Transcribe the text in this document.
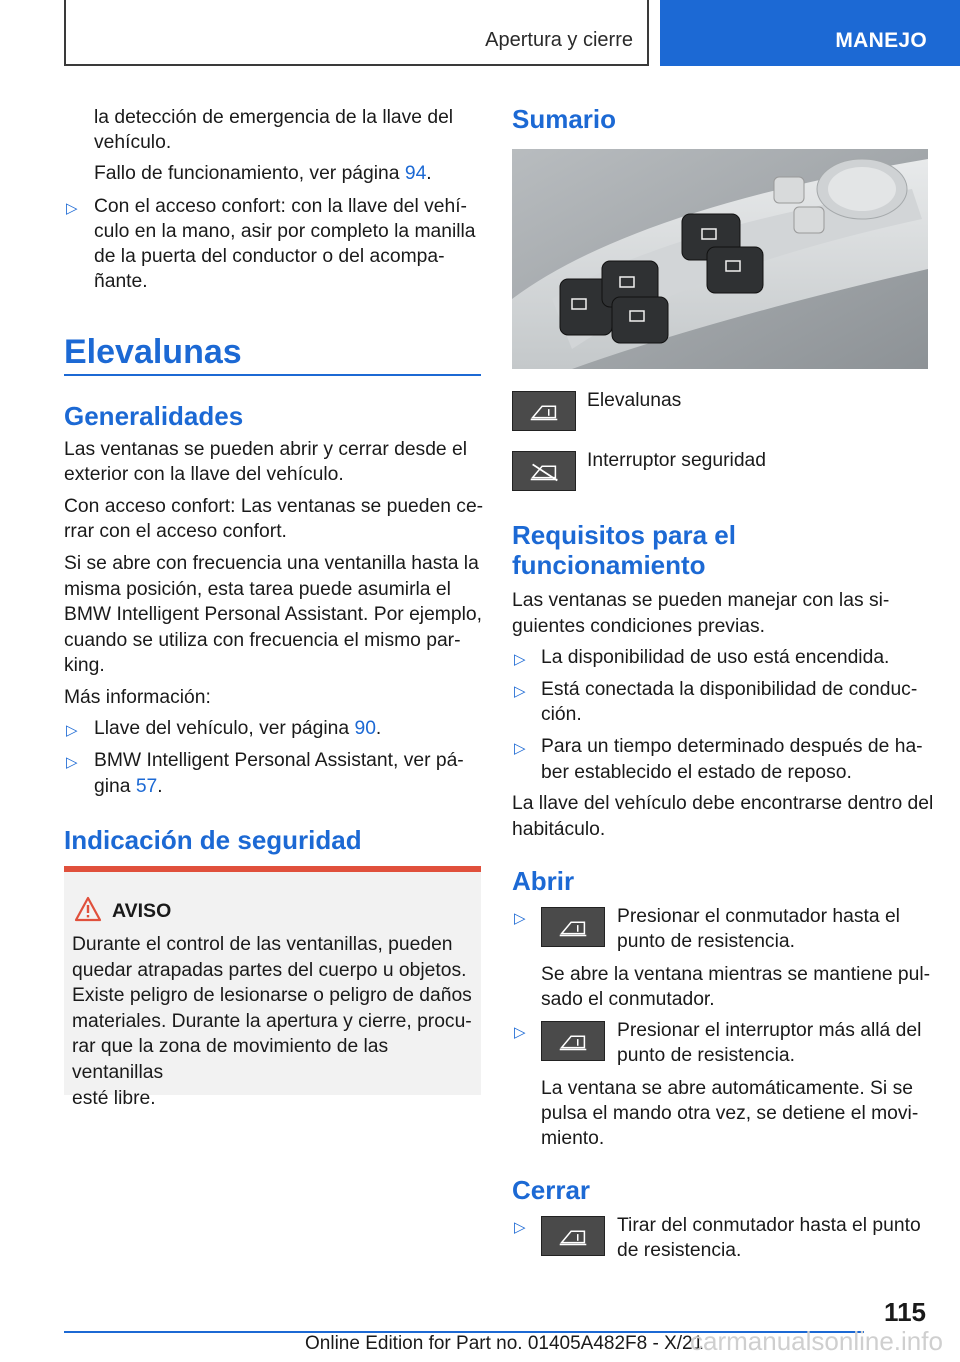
Apertura y cierre	MANEJO
la detección de emergencia de la llave del
vehículo.
Fallo de funcionamiento, ver página 94.
▷ Con el acceso confort: con la llave del vehí-
culo en la mano, asir por completo la manilla
de la puerta del conductor o del acompa-
ñante.
Elevalunas
Generalidades
Las ventanas se pueden abrir y cerrar desde el
exterior con la llave del vehículo.
Con acceso confort: Las ventanas se pueden ce-
rrar con el acceso confort.
Si se abre con frecuencia una ventanilla hasta la
misma posición, esta tarea puede asumirla el
BMW Intelligent Personal Assistant. Por ejemplo,
cuando se utiliza con frecuencia el mismo par-
king.
Más información:
▷ Llave del vehículo, ver página 90.
▷ BMW Intelligent Personal Assistant, ver pá-
gina 57.
Indicación de seguridad
AVISO
Durante el control de las ventanillas, pueden
quedar atrapadas partes del cuerpo u objetos.
Existe peligro de lesionarse o peligro de daños
materiales. Durante la apertura y cierre, procu-
rar que la zona de movimiento de las ventanillas
esté libre.
Sumario
Elevalunas
Interruptor seguridad
Requisitos para el
funcionamiento
Las ventanas se pueden manejar con las si-
guientes condiciones previas.
▷ La disponibilidad de uso está encendida.
▷ Está conectada la disponibilidad de conduc-
ción.
▷ Para un tiempo determinado después de ha-
ber establecido el estado de reposo.
La llave del vehículo debe encontrarse dentro del
habitáculo.
Abrir
▷	Presionar el conmutador hasta el
punto de resistencia.
Se abre la ventana mientras se mantiene pul-
sado el conmutador.
▷	Presionar el interruptor más allá del
punto de resistencia.
La ventana se abre automáticamente. Si se
pulsa el mando otra vez, se detiene el movi-
miento.
Cerrar
▷	Tirar del conmutador hasta el punto
de resistencia.
115
Online Edition for Part no. 01405A482F8 - X/21
carmanualsonline.info
